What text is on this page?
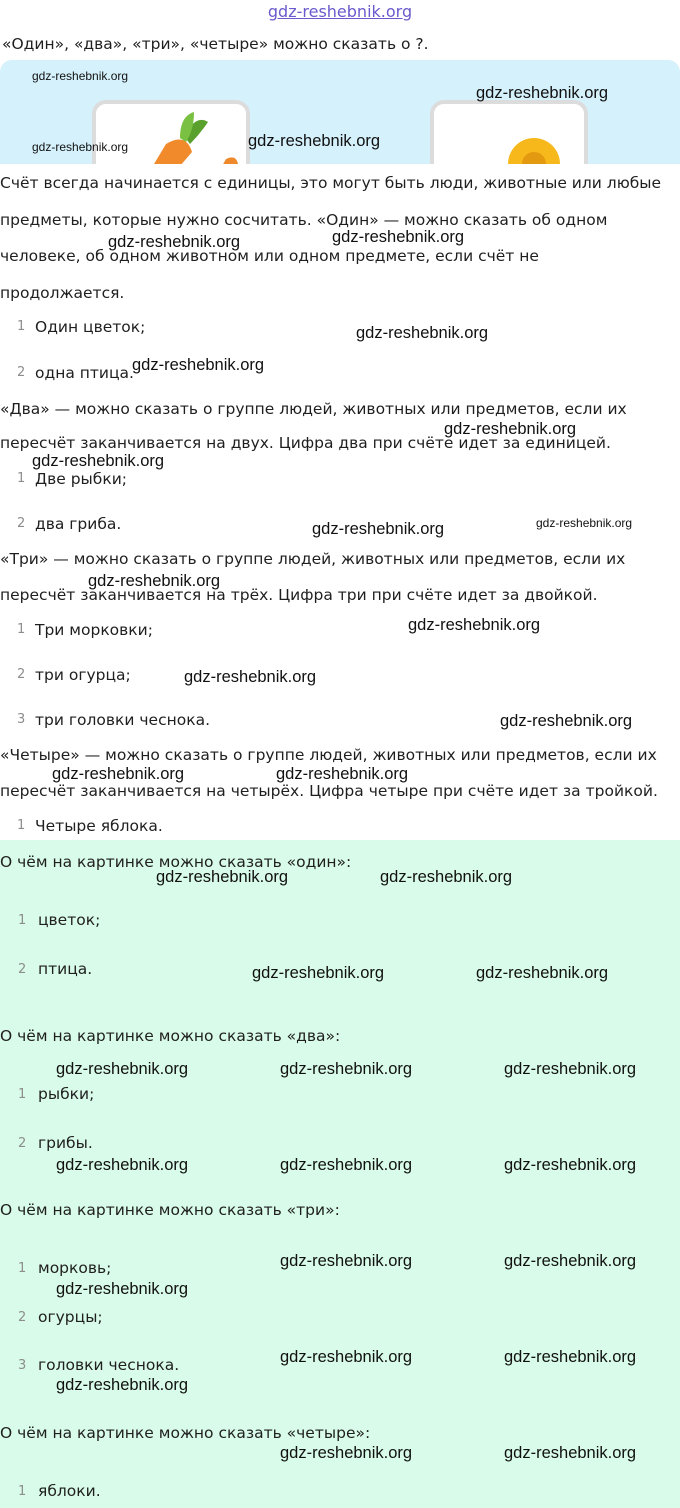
gdz-reshebnik.org
«Один», «два», «три», «четыре» можно сказать о ?.
Счёт всегда начинается с единицы, это могут быть люди, животные или любые
предметы, которые нужно сосчитать. «Один» — можно сказать об одном
человеке, об одном животном или одном предмете, если счёт не
продолжается.
«Два» — можно сказать о группе людей, животных или предметов, если их
пересчёт заканчивается на двух. Цифра два при счёте идет за единицей.
«Три» — можно сказать о группе людей, животных или предметов, если их
пересчёт заканчивается на трёх. Цифра три при счёте идет за двойкой.
«Четыре» — можно сказать о группе людей, животных или предметов, если их
пересчёт заканчивается на четырёх. Цифра четыре при счёте идет за тройкой.
1 Один цветок;
2 одна птица.
1 Две рыбки;
2 два гриба.
1 Три морковки;
2 три огурца;
3 три головки чеснока.
1 Четыре яблока.
О чём на картинке можно сказать «один»:
1 цветок;
2 птица.
О чём на картинке можно сказать «два»:
1 рыбки;
2 грибы.
О чём на картинке можно сказать «три»:
1 морковь;
2 огурцы;
3 головки чеснока.
О чём на картинке можно сказать «четыре»:
1 яблоки.
gdz-reshebnik.org
gdz-reshebnik.org
gdz-reshebnik.org	gdz-reshebnik.org
gdz-reshebnik.org	gdz-reshebnik.org
gdz-reshebnik.org
gdz-reshebnik.org
gdz-reshebnik.org
gdz-reshebnik.org
gdz-reshebnik.org	gdz-reshebnik.org
gdz-reshebnik.org
gdz-reshebnik.org
gdz-reshebnik.org
gdz-reshebnik.org
gdz-reshebnik.org	gdz-reshebnik.org
gdz-reshebnik.org	gdz-reshebnik.org
gdz-reshebnik.org	gdz-reshebnik.org
gdz-reshebnik.org	gdz-reshebnik.org	gdz-reshebnik.org
gdz-reshebnik.org	gdz-reshebnik.org	gdz-reshebnik.org
gdz-reshebnik.org	gdz-reshebnik.org
gdz-reshebnik.org
gdz-reshebnik.org	gdz-reshebnik.org
gdz-reshebnik.org
gdz-reshebnik.org	gdz-reshebnik.org
